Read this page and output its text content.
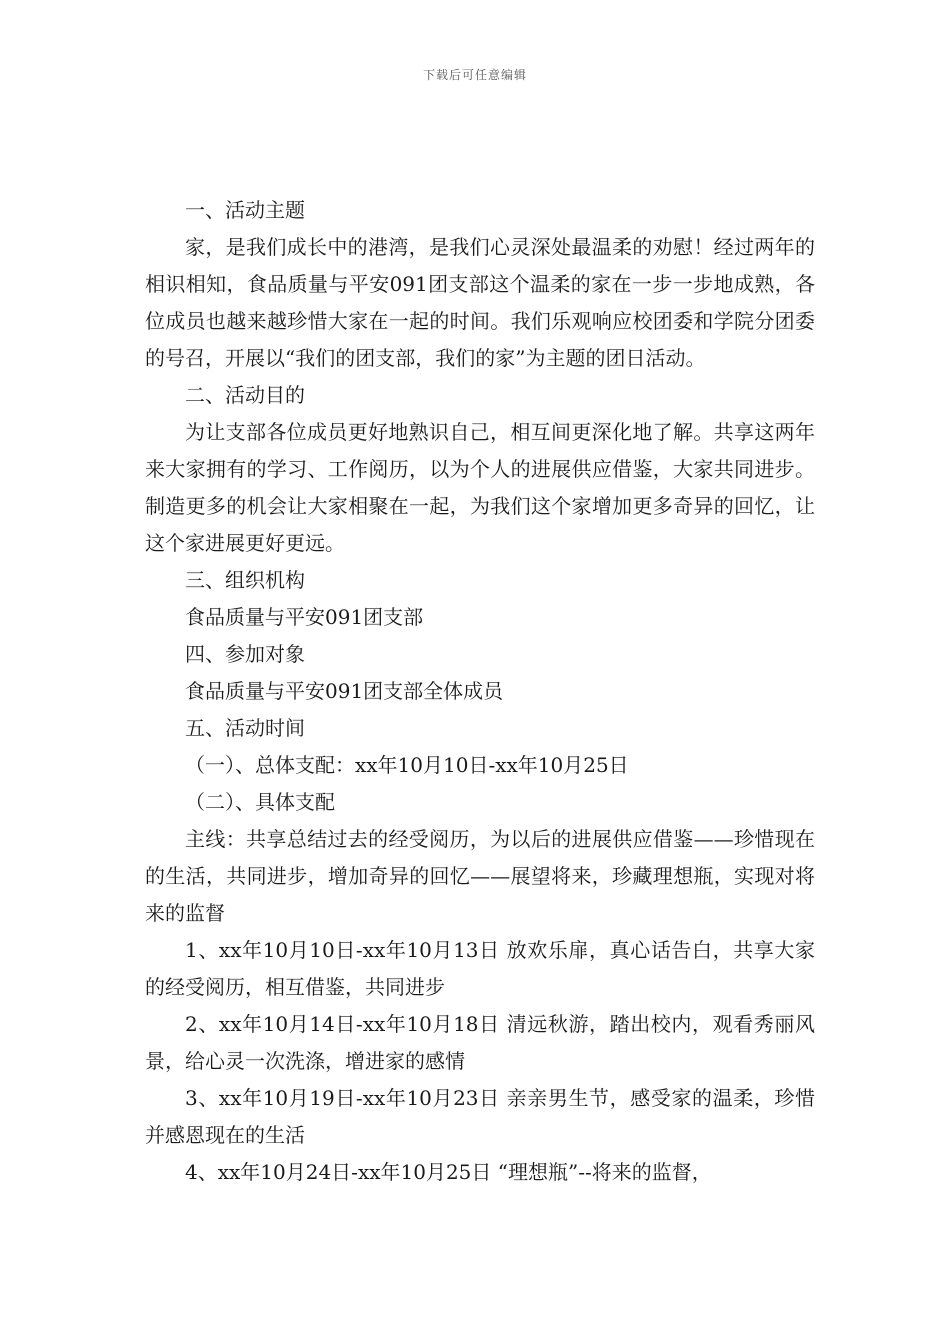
下载后可任意编辑

一、活动主题

家，是我们成长中的港湾，是我们心灵深处最温柔的劝慰！经过两年的相识相知，食品质量与平安091团支部这个温柔的家在一步一步地成熟，各位成员也越来越珍惜大家在一起的时间。我们乐观响应校团委和学院分团委的号召，开展以“我们的团支部，我们的家”为主题的团日活动。

二、活动目的

为让支部各位成员更好地熟识自己，相互间更深化地了解。共享这两年来大家拥有的学习、工作阅历，以为个人的进展供应借鉴，大家共同进步。制造更多的机会让大家相聚在一起，为我们这个家增加更多奇异的回忆，让这个家进展更好更远。

三、组织机构

食品质量与平安091团支部

四、参加对象

食品质量与平安091团支部全体成员

五、活动时间

（一）、总体支配：xx年10月10日-xx年10月25日

（二）、具体支配

主线：共享总结过去的经受阅历，为以后的进展供应借鉴——珍惜现在的生活，共同进步，增加奇异的回忆——展望将来，珍藏理想瓶，实现对将来的监督

1、xx年10月10日-xx年10月13日 放欢乐扉，真心话告白，共享大家的经受阅历，相互借鉴，共同进步

2、xx年10月14日-xx年10月18日 清远秋游，踏出校内，观看秀丽风景，给心灵一次洗涤，增进家的感情

3、xx年10月19日-xx年10月23日 亲亲男生节，感受家的温柔，珍惜并感恩现在的生活

4、xx年10月24日-xx年10月25日 “理想瓶”--将来的监督，
